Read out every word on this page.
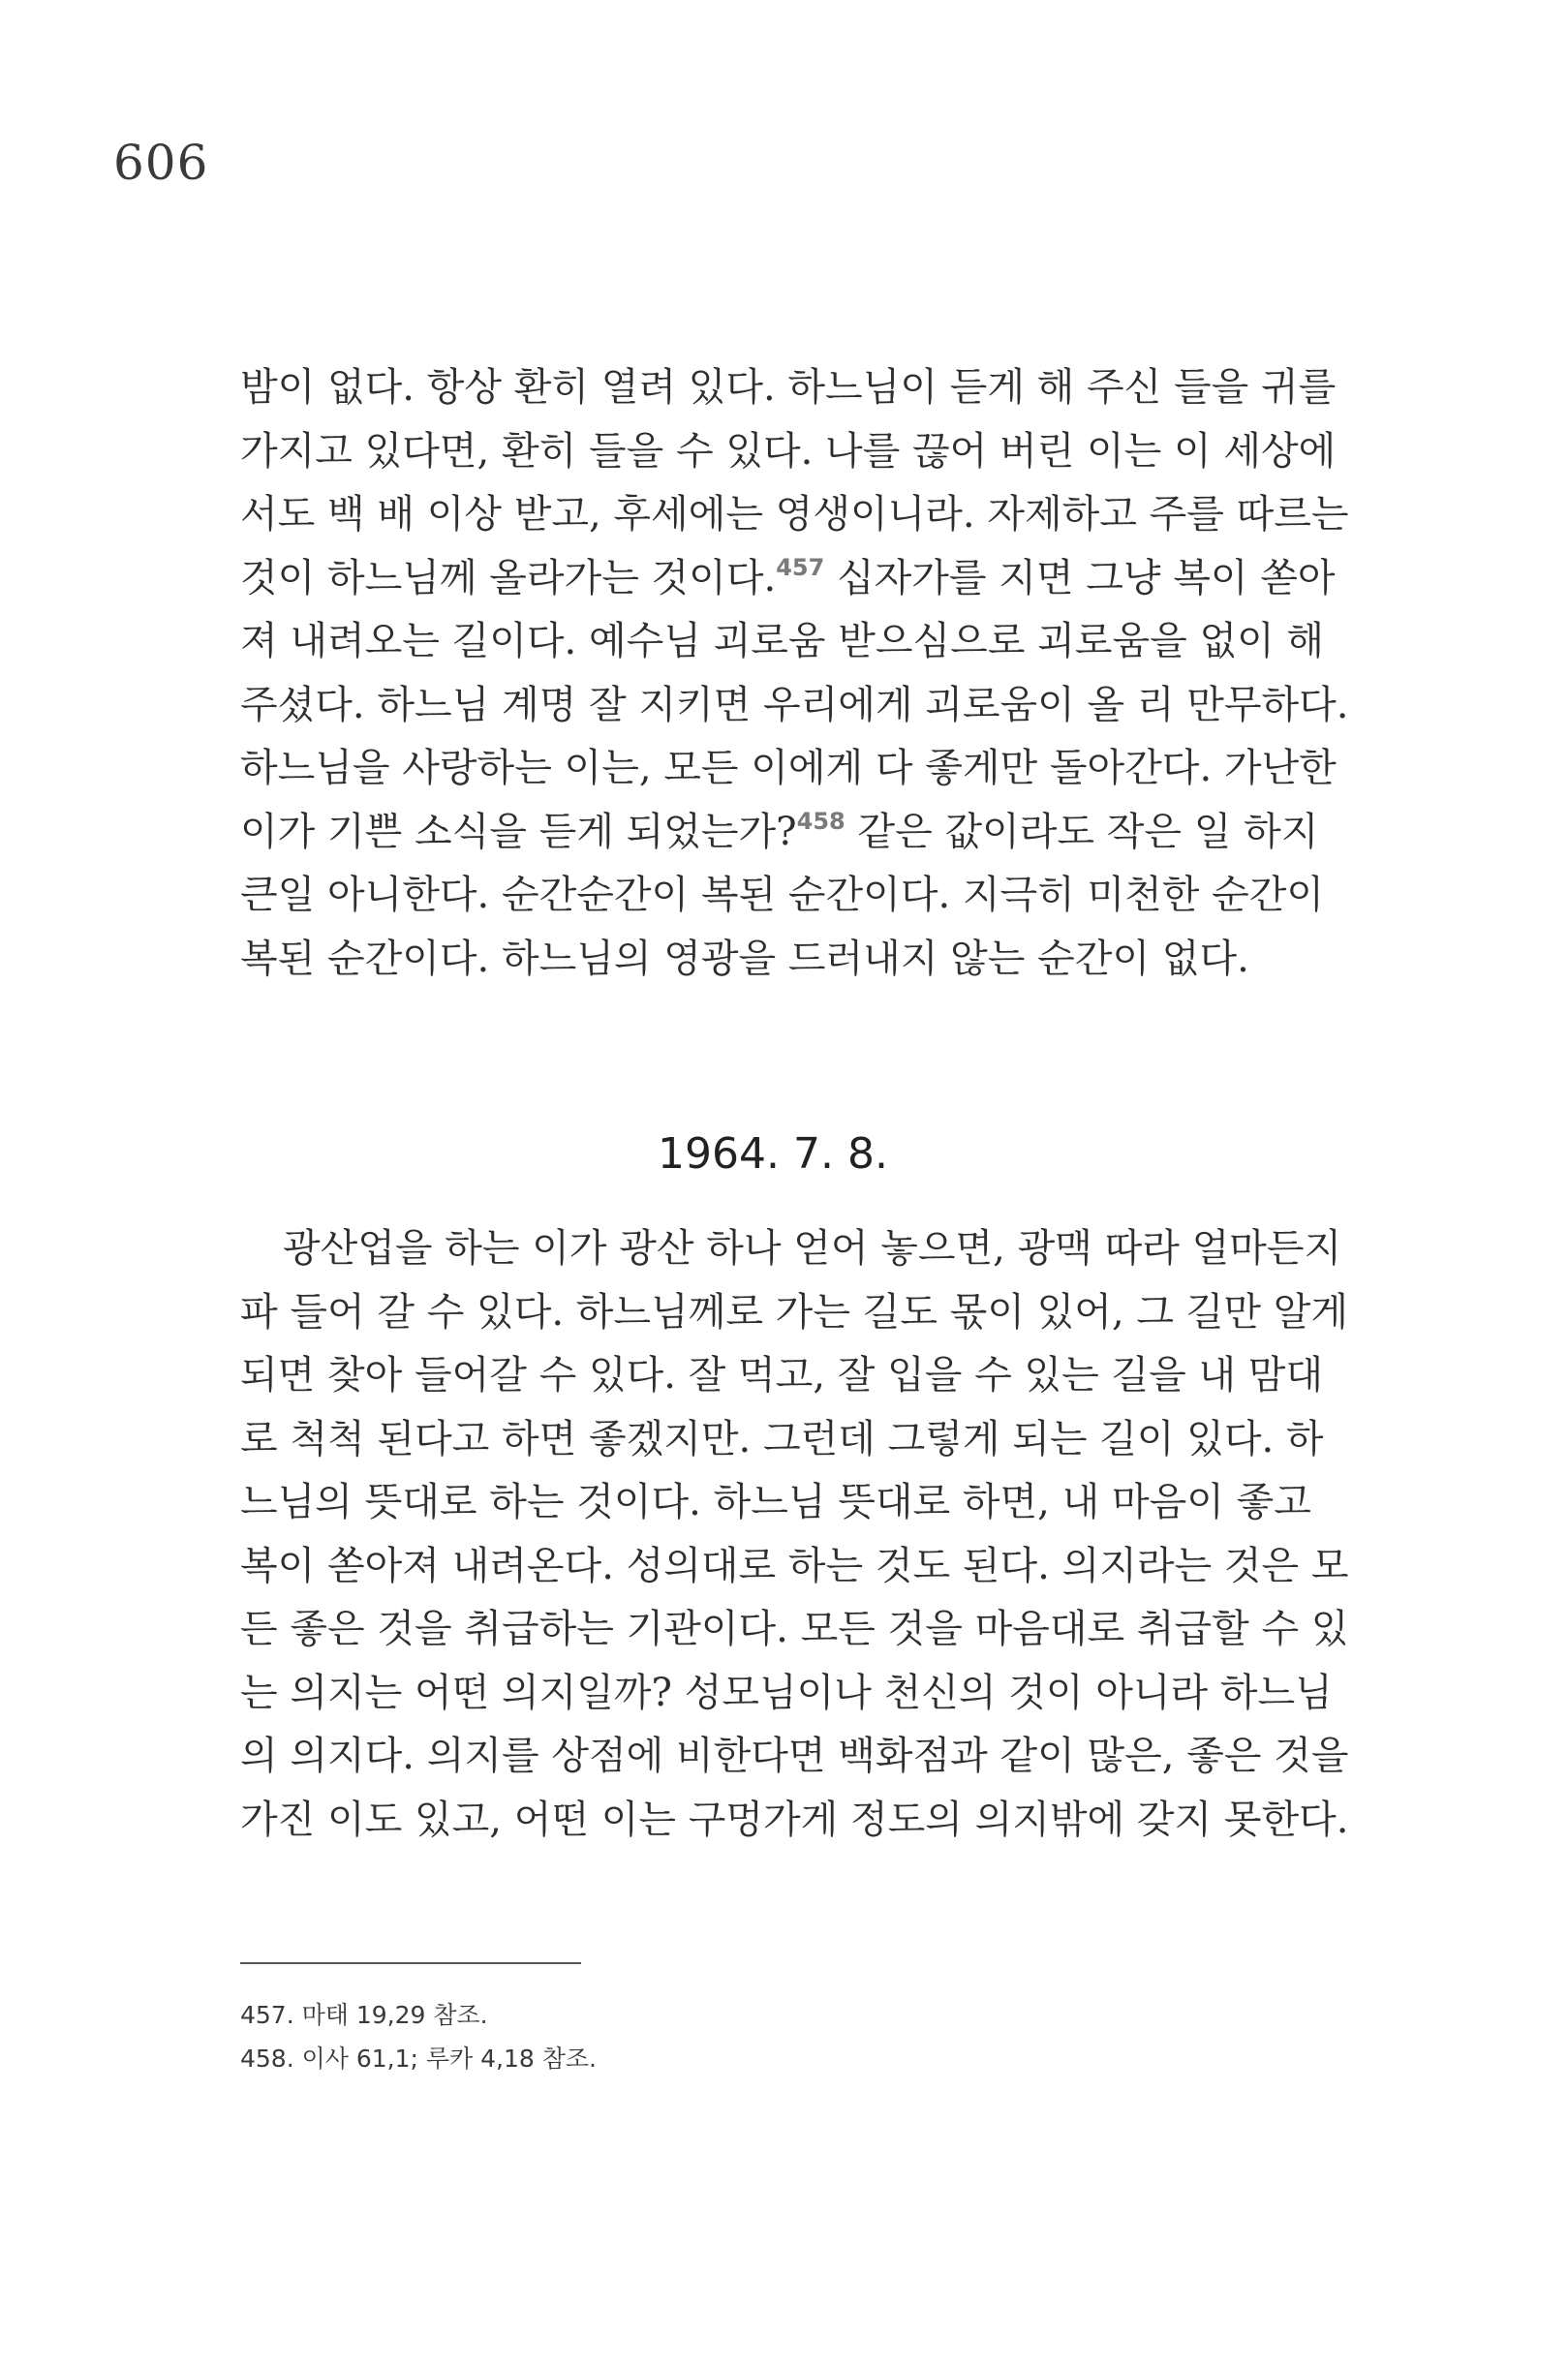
606
밤이 없다. 항상 환히 열려 있다. 하느님이 듣게 해 주신 들을 귀를
가지고 있다면, 환히 들을 수 있다. 나를 끊어 버린 이는 이 세상에
서도 백 배 이상 받고, 후세에는 영생이니라. 자제하고 주를 따르는
것이 하느님께 올라가는 것이다.$^{457}$ 십자가를 지면 그냥 복이 쏟아
져 내려오는 길이다. 예수님 괴로움 받으심으로 괴로움을 없이 해
주셨다. 하느님 계명 잘 지키면 우리에게 괴로움이 올 리 만무하다.
하느님을 사랑하는 이는, 모든 이에게 다 좋게만 돌아간다. 가난한
이가 기쁜 소식을 듣게 되었는가?$^{458}$ 같은 값이라도 작은 일 하지
큰일 아니한다. 순간순간이 복된 순간이다. 지극히 미천한 순간이
복된 순간이다. 하느님의 영광을 드러내지 않는 순간이 없다.
1964. 7. 8.
광산업을 하는 이가 광산 하나 얻어 놓으면, 광맥 따라 얼마든지
파 들어 갈 수 있다. 하느님께로 가는 길도 몫이 있어, 그 길만 알게
되면 찾아 들어갈 수 있다. 잘 먹고, 잘 입을 수 있는 길을 내 맘대
로 척척 된다고 하면 좋겠지만. 그런데 그렇게 되는 길이 있다. 하
느님의 뜻대로 하는 것이다. 하느님 뜻대로 하면, 내 마음이 좋고
복이 쏟아져 내려온다. 성의대로 하는 것도 된다. 의지라는 것은 모
든 좋은 것을 취급하는 기관이다. 모든 것을 마음대로 취급할 수 있
는 의지는 어떤 의지일까? 성모님이나 천신의 것이 아니라 하느님
의 의지다. 의지를 상점에 비한다면 백화점과 같이 많은, 좋은 것을
가진 이도 있고, 어떤 이는 구멍가게 정도의 의지밖에 갖지 못한다.
457. 마태 19,29 참조.
458. 이사 61,1; 루카 4,18 참조.
